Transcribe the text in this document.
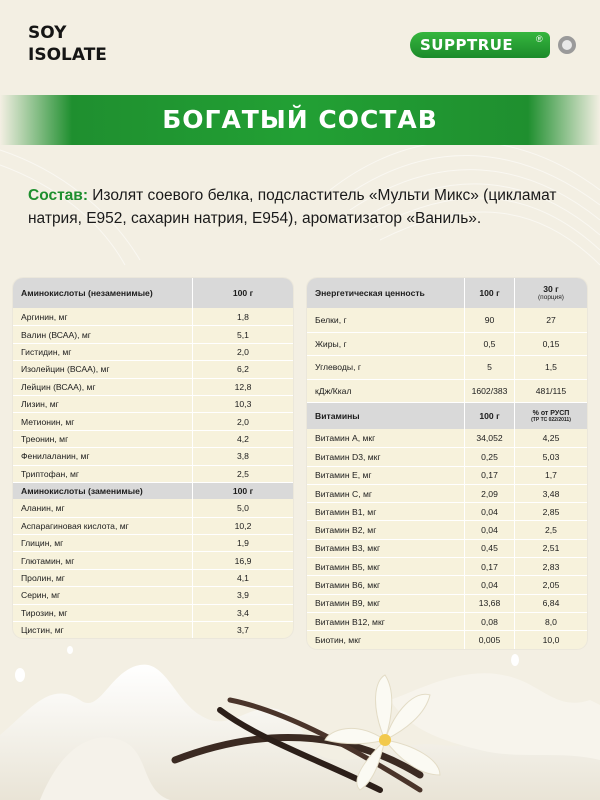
SOY
ISOLATE	SUPPTRUE	®
БОГАТЫЙ СОСТАВ
Состав: Изолят соевого белка, подсластитель «Мульти Микс» (цикламат натрия, Е952, сахарин натрия, Е954), ароматизатор «Ваниль».
Аминокислоты (незаменимые)	100 г
Аргинин, мг	1,8
Валин (ВСАА), мг	5,1
Гистидин, мг	2,0
Изолейцин (ВСАА), мг	6,2
Лейцин (ВСАА), мг	12,8
Лизин, мг	10,3
Метионин, мг	2,0
Треонин, мг	4,2
Фенилаланин, мг	3,8
Триптофан, мг	2,5
Аминокислоты (заменимые)	100 г
Аланин, мг	5,0
Аспарагиновая кислота, мг	10,2
Глицин, мг	1,9
Глютамин, мг	16,9
Пролин, мг	4,1
Серин, мг	3,9
Тирозин, мг	3,4
Цистин, мг	3,7
Энергетическая ценность	100 г	30 г
(порция)
Белки, г	90	27
Жиры, г	0,5	0,15
Углеводы, г	5	1,5
кДж/Ккал	1602/383	481/115
Витамины	100 г	% от РУСП
(ТР ТС 022/2011)
Витамин А, мкг	34,052	4,25
Витамин D3, мкг	0,25	5,03
Витамин Е, мг	0,17	1,7
Витамин С, мг	2,09	3,48
Витамин В1, мг	0,04	2,85
Витамин В2, мг	0,04	2,5
Витамин В3, мкг	0,45	2,51
Витамин В5, мкг	0,17	2,83
Витамин В6, мкг	0,04	2,05
Витамин В9, мкг	13,68	6,84
Витамин В12, мкг	0,08	8,0
Биотин, мкг	0,005	10,0
